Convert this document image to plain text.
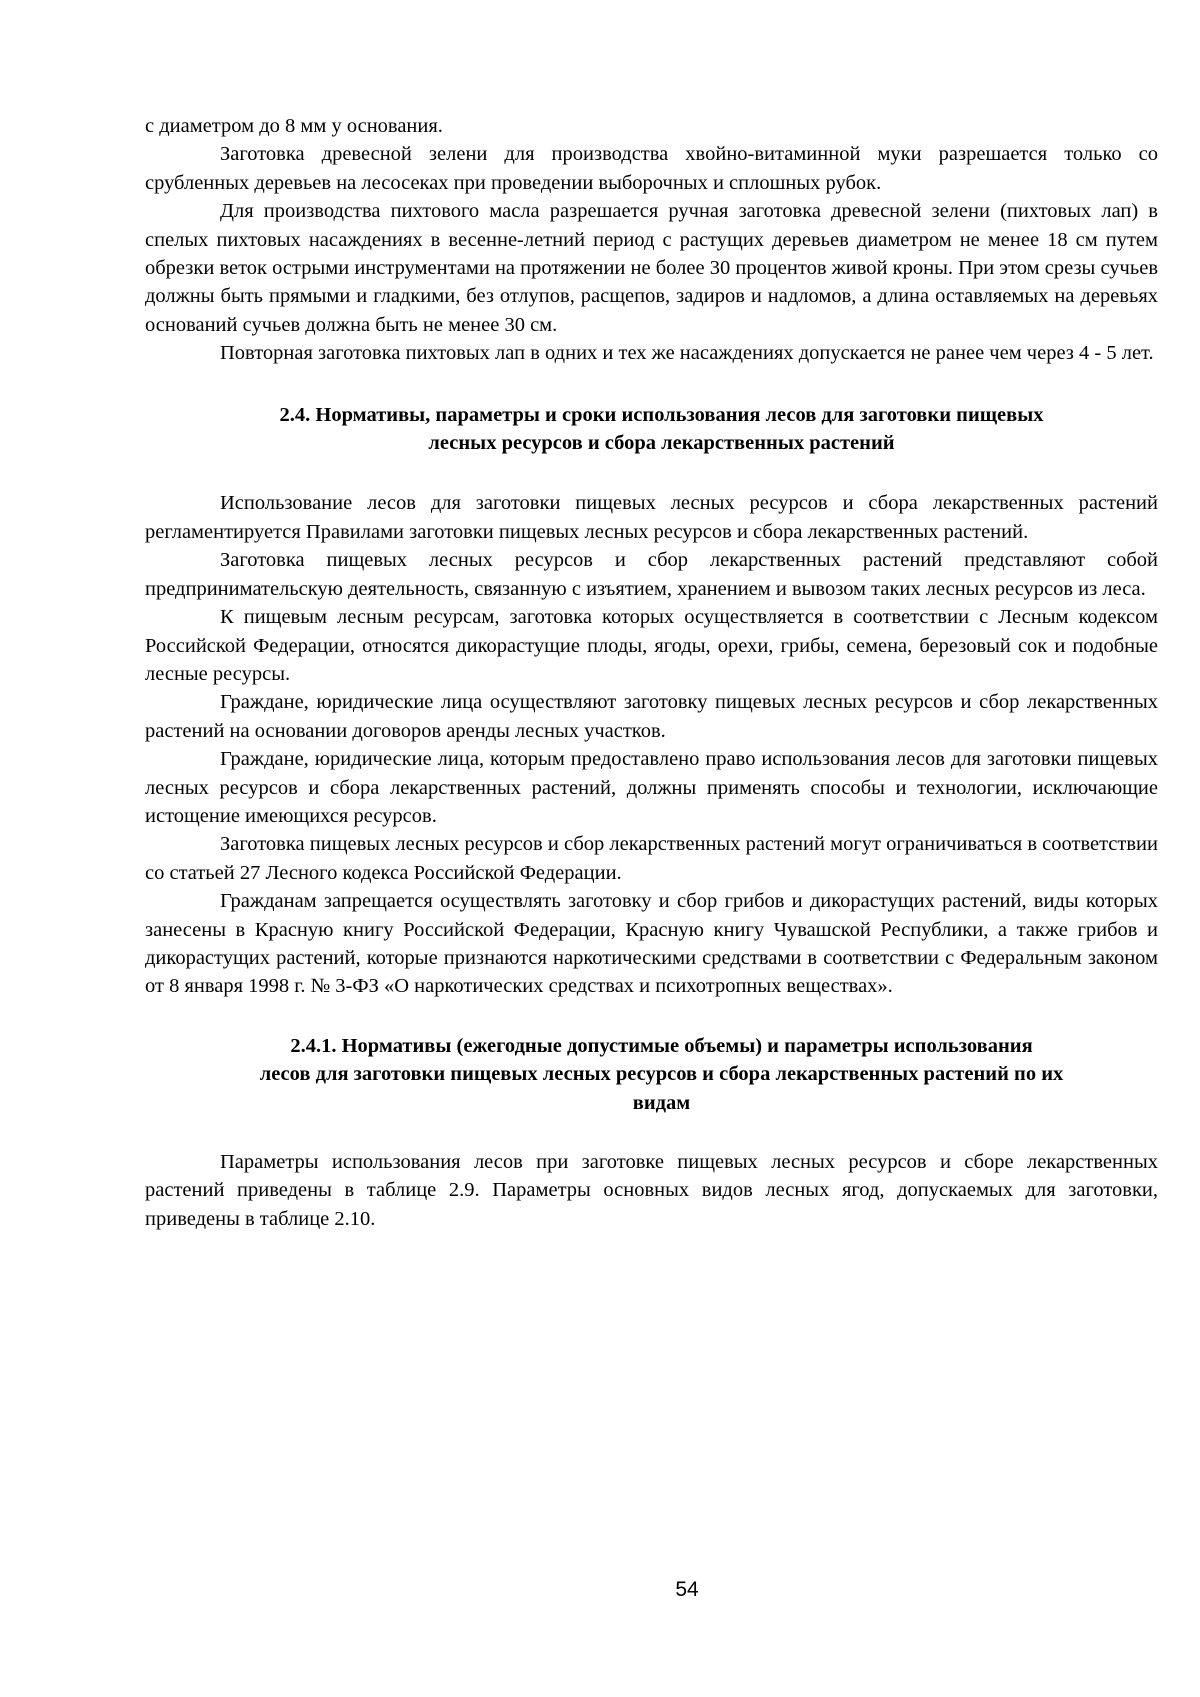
с диаметром до 8 мм у основания.

Заготовка древесной зелени для производства хвойно-витаминной муки разрешается только со срубленных деревьев на лесосеках при проведении выборочных и сплошных рубок.

Для производства пихтового масла разрешается ручная заготовка древесной зелени (пихтовых лап) в спелых пихтовых насаждениях в весенне-летний период с растущих деревьев диаметром не менее 18 см путем обрезки веток острыми инструментами на протяжении не более 30 процентов живой кроны. При этом срезы сучьев должны быть прямыми и гладкими, без отлупов, расщепов, задиров и надломов, а длина оставляемых на деревьях оснований сучьев должна быть не менее 30 см.

Повторная заготовка пихтовых лап в одних и тех же насаждениях допускается не ранее чем через 4 - 5 лет.

2.4. Нормативы, параметры и сроки использования лесов для заготовки пищевых
лесных ресурсов и сбора лекарственных растений

Использование лесов для заготовки пищевых лесных ресурсов и сбора лекарственных растений регламентируется Правилами заготовки пищевых лесных ресурсов и сбора лекарственных растений.

Заготовка пищевых лесных ресурсов и сбор лекарственных растений представляют собой предпринимательскую деятельность, связанную с изъятием, хранением и вывозом таких лесных ресурсов из леса.

К пищевым лесным ресурсам, заготовка которых осуществляется в соответствии с Лесным кодексом Российской Федерации, относятся дикорастущие плоды, ягоды, орехи, грибы, семена, березовый сок и подобные лесные ресурсы.

Граждане, юридические лица осуществляют заготовку пищевых лесных ресурсов и сбор лекарственных растений на основании договоров аренды лесных участков.

Граждане, юридические лица, которым предоставлено право использования лесов для заготовки пищевых лесных ресурсов и сбора лекарственных растений, должны применять способы и технологии, исключающие истощение имеющихся ресурсов.

Заготовка пищевых лесных ресурсов и сбор лекарственных растений могут ограничиваться в соответствии со статьей 27 Лесного кодекса Российской Федерации.

Гражданам запрещается осуществлять заготовку и сбор грибов и дикорастущих растений, виды которых занесены в Красную книгу Российской Федерации, Красную книгу Чувашской Республики, а также грибов и дикорастущих растений, которые признаются наркотическими средствами в соответствии с Федеральным законом от 8 января 1998 г. № 3-ФЗ «О наркотических средствах и психотропных веществах».

2.4.1. Нормативы (ежегодные допустимые объемы) и параметры использования
лесов для заготовки пищевых лесных ресурсов и сбора лекарственных растений по их
видам

Параметры использования лесов при заготовке пищевых лесных ресурсов и сборе лекарственных растений приведены в таблице 2.9. Параметры основных видов лесных ягод, допускаемых для заготовки, приведены в таблице 2.10.

54
